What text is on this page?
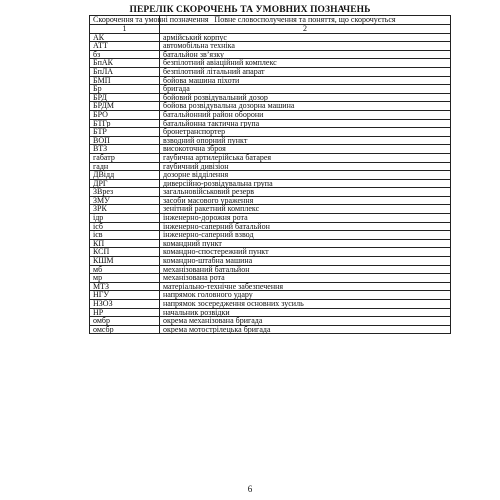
ПЕРЕЛІК СКОРОЧЕНЬ ТА УМОВНИХ ПОЗНАЧЕНЬ
Скорочення та умовні позначення	Повне словосполучення та поняття, що скорочується
1	2
АК	армійський корпус
АТТ	автомобільна техніка
бз	батальйон зв’язку
БпАК	безпілотний авіаційний комплекс
БпЛА	безпілотний літальний апарат
БМП	бойова машина піхоти
Бр	бригада
БРД	бойовий розвідувальний дозор
БРДМ	бойова розвідувальна дозорна машина
БРО	батальйонний район оборони
БТГр	батальйонна тактична група
БТР	бронетранспортер
ВОП	взводний опорний пункт
ВТЗ	високоточна зброя
габатр	гаубична артилерійська батарея
гадн	гаубичний дивізіон
ДВідд	дозорне відділення
ДРГ	диверсійно-розвідувальна група
ЗВрез	загальновійськовий резерв
ЗМУ	засоби масового ураження
ЗРК	зенітний ракетний комплекс
ідр	інженерно-дорожня рота
ісб	інженерно-саперний батальйон
ісв	інженерно-саперний взвод
КП	командний пункт
КСП	командно-спостережний пункт
КШМ	командно-штабна машина
мб	механізований батальйон
мр	механізована рота
МТЗ	матеріально-технічне забезпечення
НГУ	напрямок головного удару
НЗОЗ	напрямок зосередження основних зусиль
НР	начальник розвідки
омбр	окрема механізована бригада
омсбр	окрема мотострілецька бригада
6
